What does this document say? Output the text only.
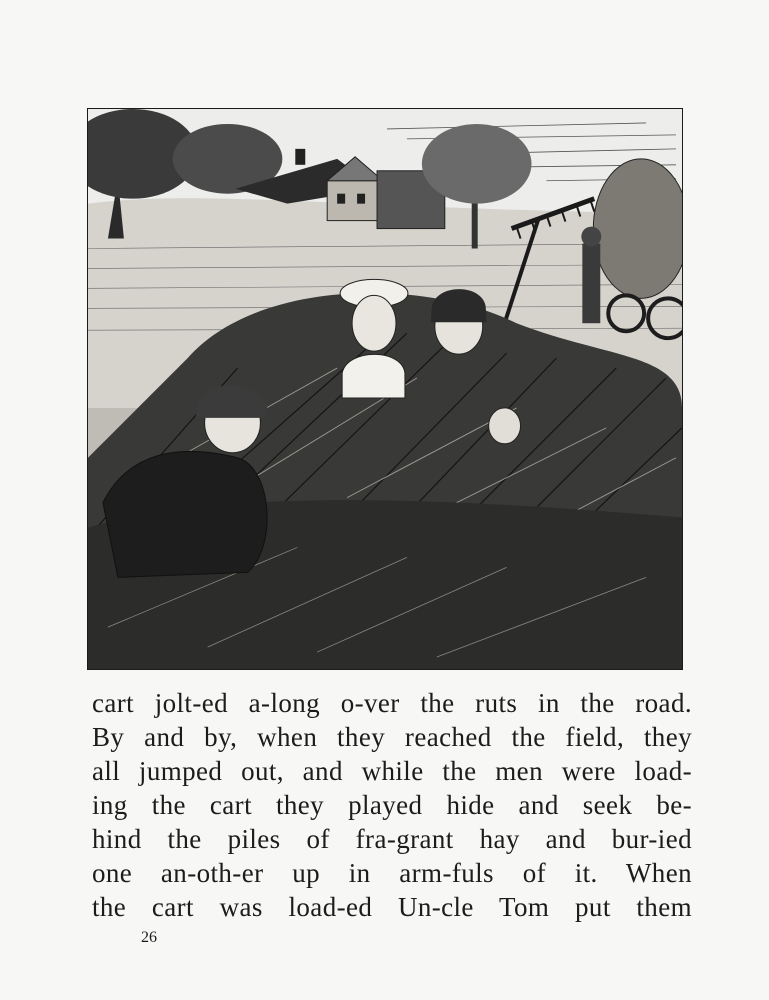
cart jolt-ed a-long o-ver the ruts in the road.
By and by, when they reached the field, they
all jumped out, and while the men were load-
ing the cart they played hide and seek be-
hind the piles of fra-grant hay and bur-ied
one an-oth-er up in arm-fuls of it. When
the cart was load-ed Un-cle Tom put them
26
